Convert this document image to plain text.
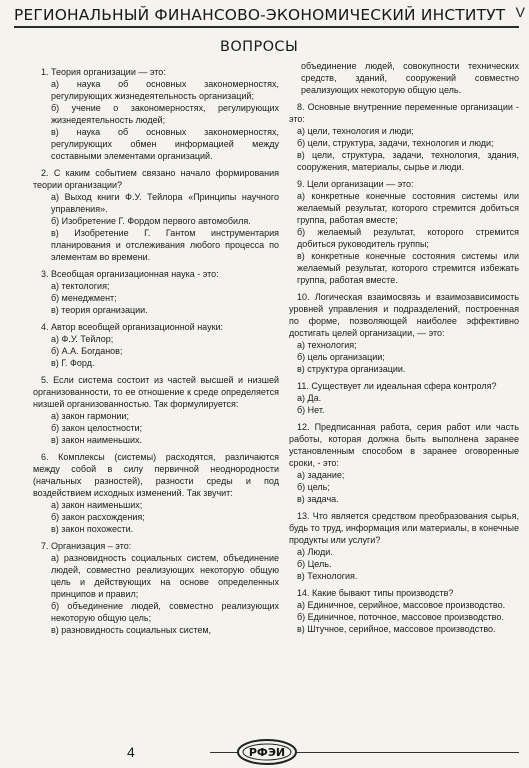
РЕГИОНАЛЬНЫЙ ФИНАНСОВО-ЭКОНОМИЧЕСКИЙ ИНСТИТУТ V
ВОПРОСЫ
1. Теория организации — это:
а) наука об основных закономерностях, регулирующих жизнедеятельность организаций;
б) учение о закономерностях, регулирующих жизнедеятельность людей;
в) наука об основных закономерностях, регулирующих обмен информацией между составными элементами организаций.
2. С каким событием связано начало формирования теории организации?
а) Выход книги Ф.У. Тейлора «Принципы научного управления».
б) Изобретение Г. Фордом первого автомобиля.
в) Изобретение Г. Гантом инструментария планирования и отслеживания любого процесса по элементам во времени.
3. Всеобщая организационная наука - это:
а) тектология;
б) менеджмент;
в) теория организации.
4. Автор всеобщей организационной науки:
а) Ф.У. Тейлор;
б) А.А. Богданов;
в) Г. Форд.
5. Если система состоит из частей высшей и низшей организованности, то ее отношение к среде определяется низшей организованностью. Так формулируется:
а) закон гармонии;
б) закон целостности;
в) закон наименьших.
6. Комплексы (системы) расходятся, различаются между собой в силу первичной неоднородности (начальных разностей), разности среды и под воздействием исходных изменений. Так звучит:
а) закон наименьших;
б) закон расхождения;
в) закон похожести.
7. Организация – это:
а) разновидность социальных систем, объединение людей, совместно реализующих некоторую общую цель и действующих на основе определенных принципов и правил;
б) объединение людей, совместно реализующих некоторую общую цель;
в) разновидность социальных систем,
объединение людей, совокупности технических средств, зданий, сооружений совместно реализующих некоторую общую цель.
8. Основные внутренние переменные организации - это:
а) цели, технология и люди;
б) цели, структура, задачи, технология и люди;
в) цели, структура, задачи, технология, здания, сооружения, материалы, сырье и люди.
9. Цели организации — это:
а) конкретные конечные состояния системы или желаемый результат, которого стремится добиться группа, работая вместе;
б) желаемый результат, которого стремится добиться руководитель группы;
в) конкретные конечные состояния системы или желаемый результат, которого стремится избежать группа, работая вместе.
10. Логическая взаимосвязь и взаимозависимость уровней управления и подразделений, построенная по форме, позволяющей наиболее эффективно достигать целей организации, — это:
а) технология;
б) цель организации;
в) структура организации.
11. Существует ли идеальная сфера контроля?
а) Да.
б) Нет.
12. Предписанная работа, серия работ или часть работы, которая должна быть выполнена заранее установленным способом в заранее оговоренные сроки, - это:
а) задание;
б) цель;
в) задача.
13. Что является средством преобразования сырья, будь то труд, информация или материалы, в конечные продукты или услуги?
а) Люди.
б) Цель.
в) Технология.
14. Какие бывают типы производств?
а) Единичное, серийное, массовое производство.
б) Единичное, поточное, массовое производство.
в) Штучное, серийное, массовое производство.
4	РФЭИ
